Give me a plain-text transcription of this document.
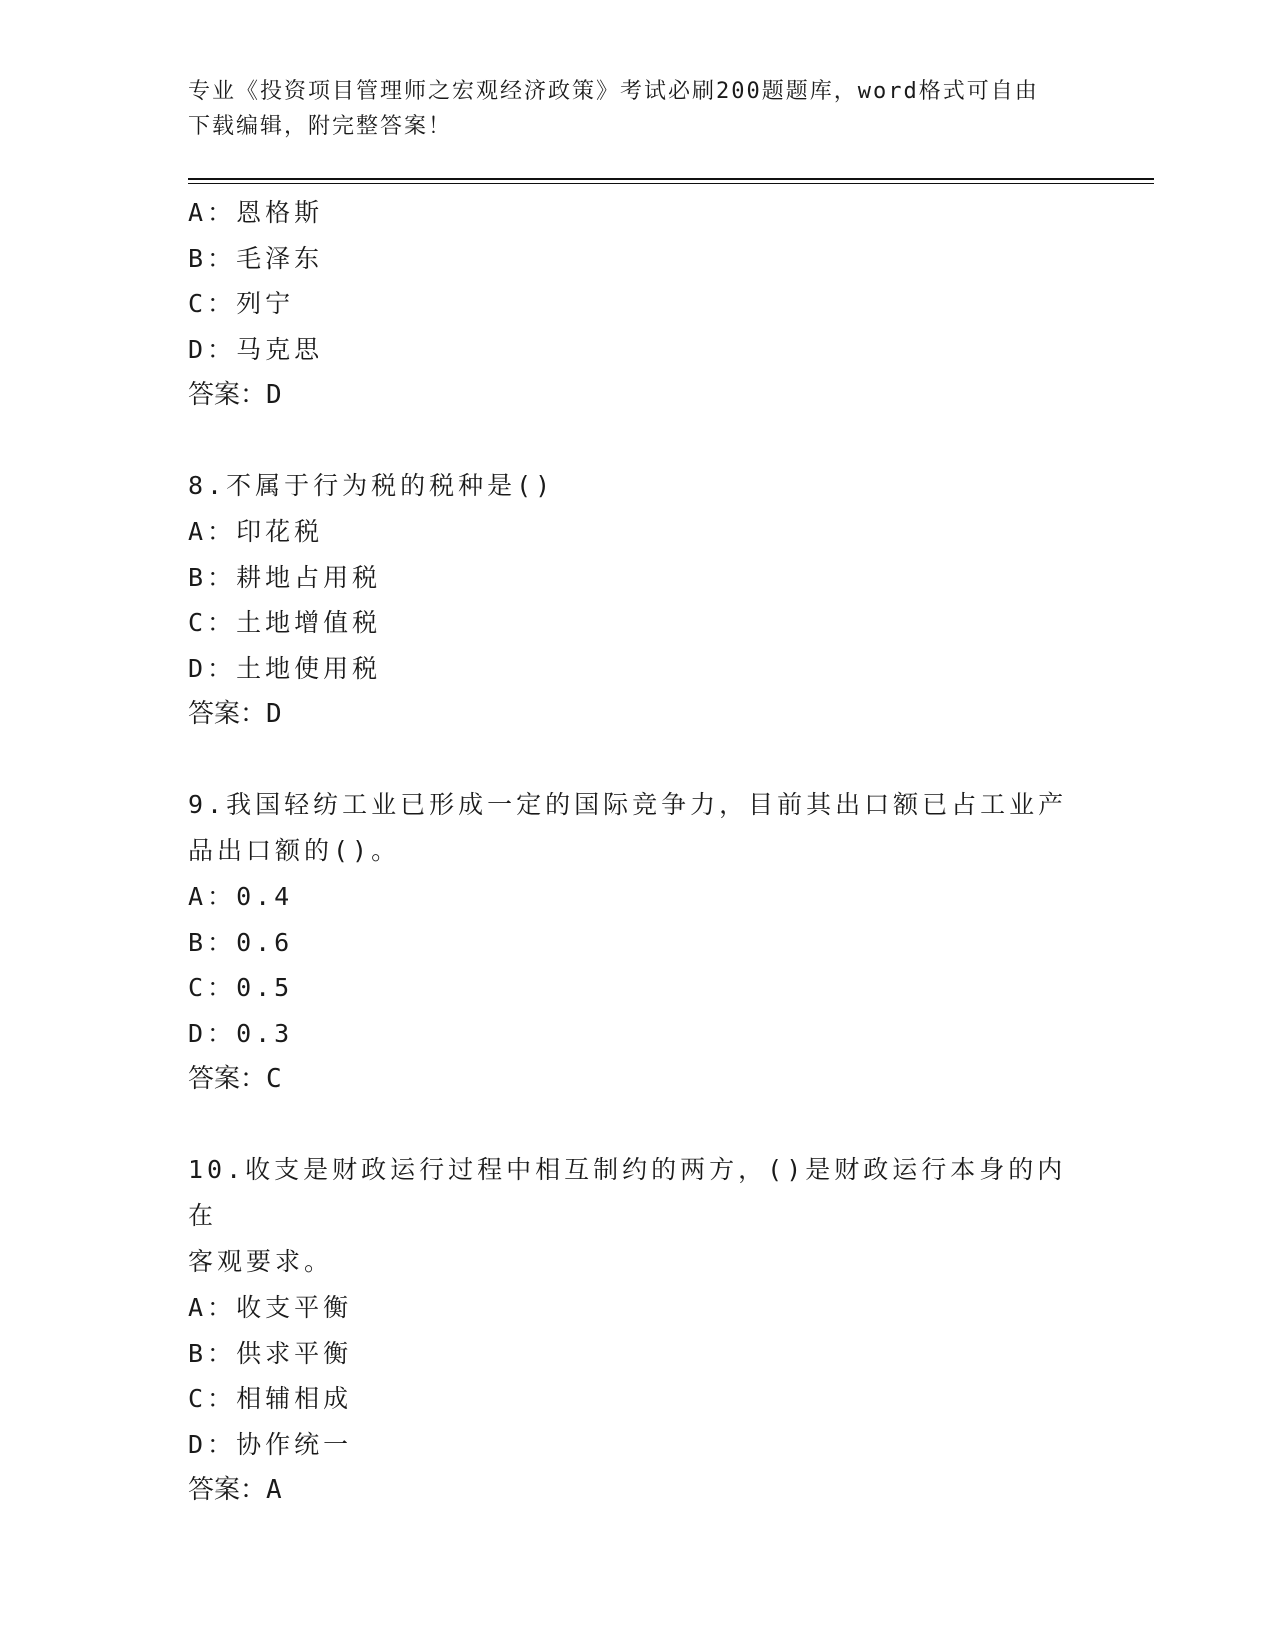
专业《投资项目管理师之宏观经济政策》考试必刷200题题库，word格式可自由
下载编辑，附完整答案！
A：恩格斯
B：毛泽东
C：列宁
D：马克思
答案：D
8.不属于行为税的税种是()
A：印花税
B：耕地占用税
C：土地增值税
D：土地使用税
答案：D
9.我国轻纺工业已形成一定的国际竞争力，目前其出口额已占工业产
品出口额的()。
A：0.4
B：0.6
C：0.5
D：0.3
答案：C
10.收支是财政运行过程中相互制约的两方，()是财政运行本身的内在
客观要求。
A：收支平衡
B：供求平衡
C：相辅相成
D：协作统一
答案：A
